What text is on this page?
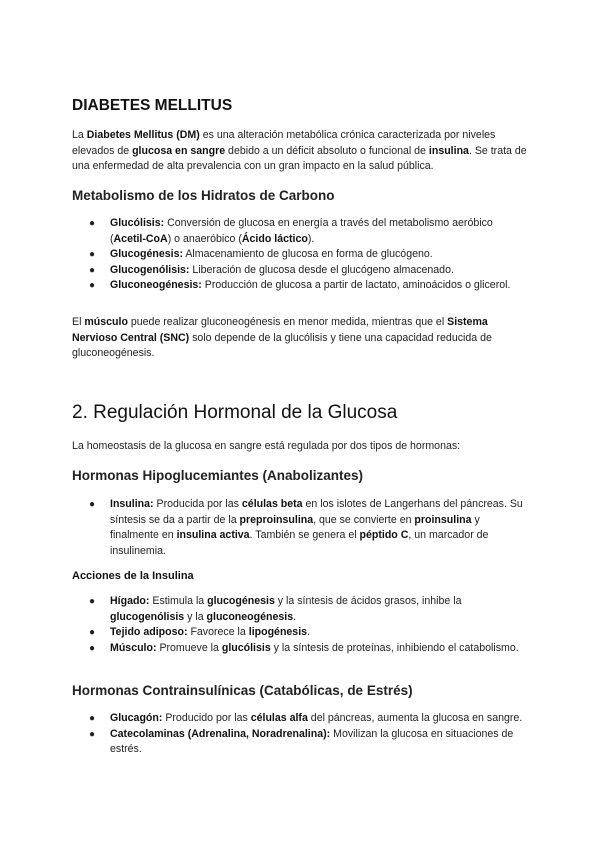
DIABETES MELLITUS

La Diabetes Mellitus (DM) es una alteración metabólica crónica caracterizada por niveles elevados de glucosa en sangre debido a un déficit absoluto o funcional de insulina. Se trata de una enfermedad de alta prevalencia con un gran impacto en la salud pública.

Metabolismo de los Hidratos de Carbono
● Glucólisis: Conversión de glucosa en energía a través del metabolismo aeróbico (Acetil-CoA) o anaeróbico (Ácido láctico).
● Glucogénesis: Almacenamiento de glucosa en forma de glucógeno.
● Glucogenólisis: Liberación de glucosa desde el glucógeno almacenado.
● Gluconeogénesis: Producción de glucosa a partir de lactato, aminoácidos o glicerol.

El músculo puede realizar gluconeogénesis en menor medida, mientras que el Sistema Nervioso Central (SNC) solo depende de la glucólisis y tiene una capacidad reducida de gluconeogénesis.

2. Regulación Hormonal de la Glucosa

La homeostasis de la glucosa en sangre está regulada por dos tipos de hormonas:

Hormonas Hipoglucemiantes (Anabolizantes)
● Insulina: Producida por las células beta en los islotes de Langerhans del páncreas. Su síntesis se da a partir de la preproinsulina, que se convierte en proinsulina y finalmente en insulina activa. También se genera el péptido C, un marcador de insulinemia.
Acciones de la Insulina
● Hígado: Estimula la glucogénesis y la síntesis de ácidos grasos, inhibe la glucogenólisis y la gluconeogénesis.
● Tejido adiposo: Favorece la lipogénesis.
● Músculo: Promueve la glucólisis y la síntesis de proteínas, inhibiendo el catabolismo.
Hormonas Contrainsulínicas (Catabólicas, de Estrés)
● Glucagón: Producido por las células alfa del páncreas, aumenta la glucosa en sangre.
● Catecolaminas (Adrenalina, Noradrenalina): Movilizan la glucosa en situaciones de estrés.
